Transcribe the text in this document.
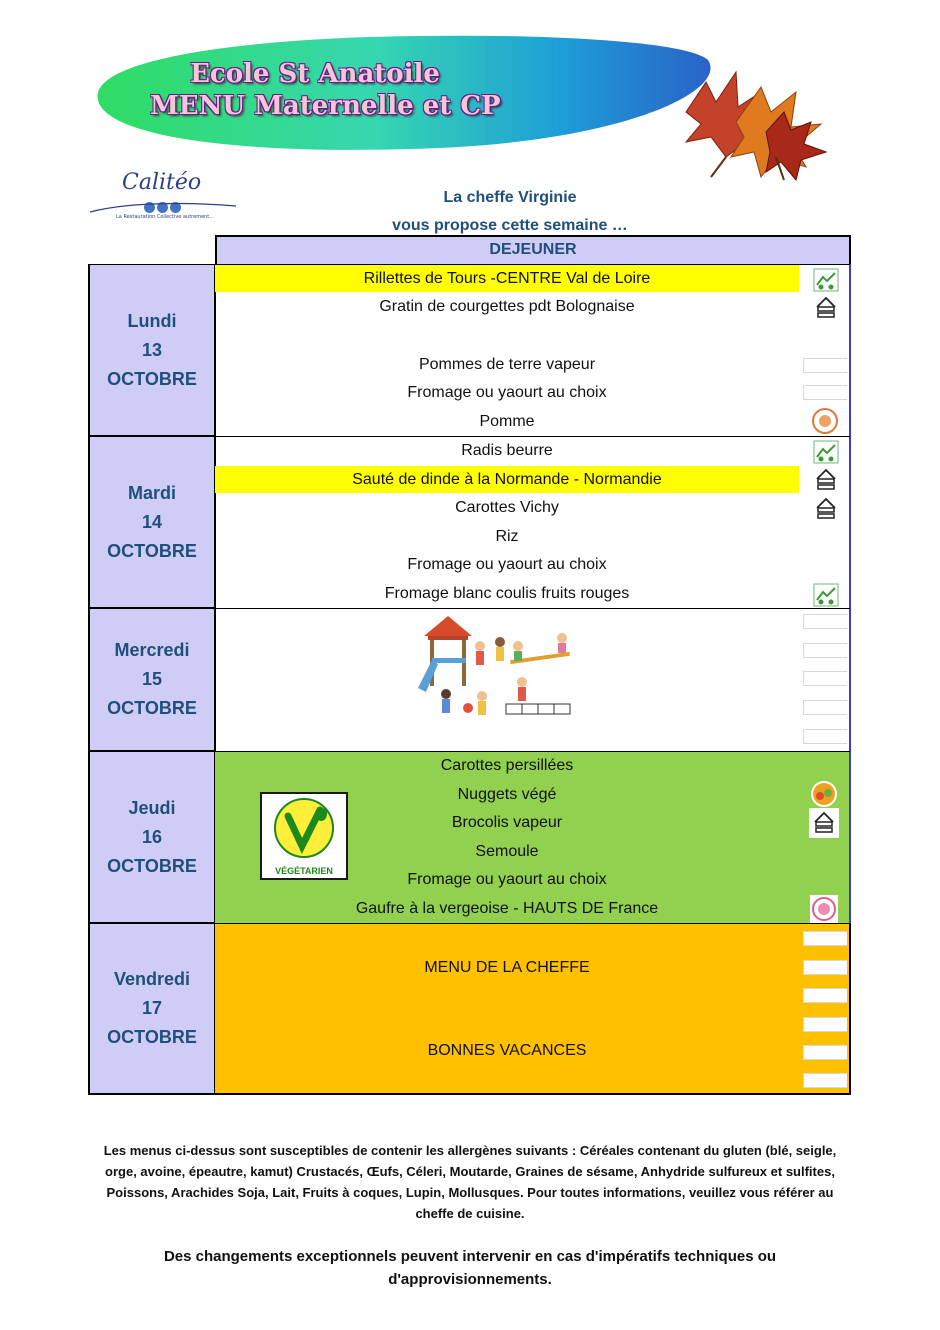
Ecole St Anatoile
MENU Maternelle et CP
Calitéo
La Restauration Collective autrement...
La cheffe Virginie
vous propose cette semaine …
DEJEUNER
Lundi
13
OCTOBRE
Rillettes de Tours -CENTRE Val de Loire
Gratin de courgettes pdt Bolognaise
Pommes de terre vapeur
Fromage ou yaourt au choix
Pomme
Mardi
14
OCTOBRE
Radis beurre
Sauté de dinde à la Normande - Normandie
Carottes Vichy
Riz
Fromage ou yaourt au choix
Fromage blanc coulis fruits rouges
Mercredi
15
OCTOBRE
Jeudi
16
OCTOBRE
Carottes persillées
Nuggets végé
Brocolis vapeur
Semoule
Fromage ou yaourt au choix
Gaufre à la vergeoise - HAUTS DE France
VÉGÉTARIEN
Vendredi
17
OCTOBRE
MENU DE LA CHEFFE
BONNES VACANCES
Les menus ci-dessus sont susceptibles de contenir les allergènes suivants : Céréales contenant du gluten (blé, seigle, orge, avoine, épeautre, kamut) Crustacés, Œufs, Céleri, Moutarde, Graines de sésame, Anhydride sulfureux et sulfites, Poissons, Arachides Soja, Lait, Fruits à coques, Lupin, Mollusques. Pour toutes informations, veuillez vous référer au cheffe de cuisine.
Des changements exceptionnels peuvent intervenir en cas d'impératifs techniques ou d'approvisionnements.
